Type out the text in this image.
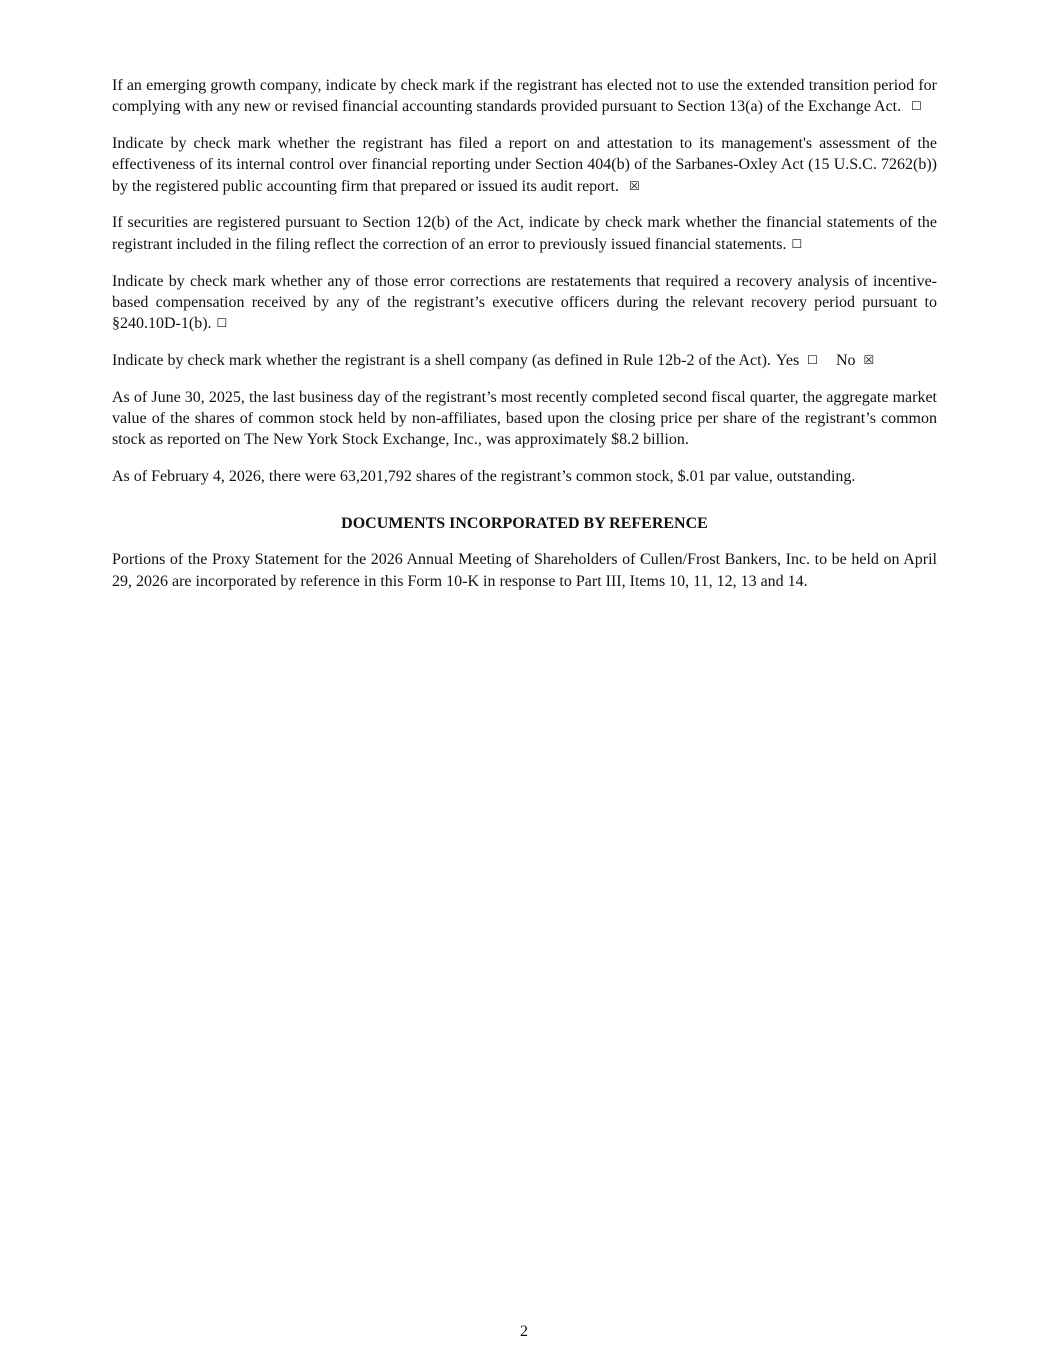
If an emerging growth company, indicate by check mark if the registrant has elected not to use the extended transition period for complying with any new or revised financial accounting standards provided pursuant to Section 13(a) of the Exchange Act. ☐

Indicate by check mark whether the registrant has filed a report on and attestation to its management's assessment of the effectiveness of its internal control over financial reporting under Section 404(b) of the Sarbanes-Oxley Act (15 U.S.C. 7262(b)) by the registered public accounting firm that prepared or issued its audit report. ☒

If securities are registered pursuant to Section 12(b) of the Act, indicate by check mark whether the financial statements of the registrant included in the filing reflect the correction of an error to previously issued financial statements. ☐

Indicate by check mark whether any of those error corrections are restatements that required a recovery analysis of incentive-based compensation received by any of the registrant’s executive officers during the relevant recovery period pursuant to §240.10D-1(b). ☐

Indicate by check mark whether the registrant is a shell company (as defined in Rule 12b-2 of the Act). Yes ☐ No ☒

As of June 30, 2025, the last business day of the registrant’s most recently completed second fiscal quarter, the aggregate market value of the shares of common stock held by non-affiliates, based upon the closing price per share of the registrant’s common stock as reported on The New York Stock Exchange, Inc., was approximately $8.2 billion.

As of February 4, 2026, there were 63,201,792 shares of the registrant’s common stock, $.01 par value, outstanding.

DOCUMENTS INCORPORATED BY REFERENCE

Portions of the Proxy Statement for the 2026 Annual Meeting of Shareholders of Cullen/Frost Bankers, Inc. to be held on April 29, 2026 are incorporated by reference in this Form 10-K in response to Part III, Items 10, 11, 12, 13 and 14.

2
